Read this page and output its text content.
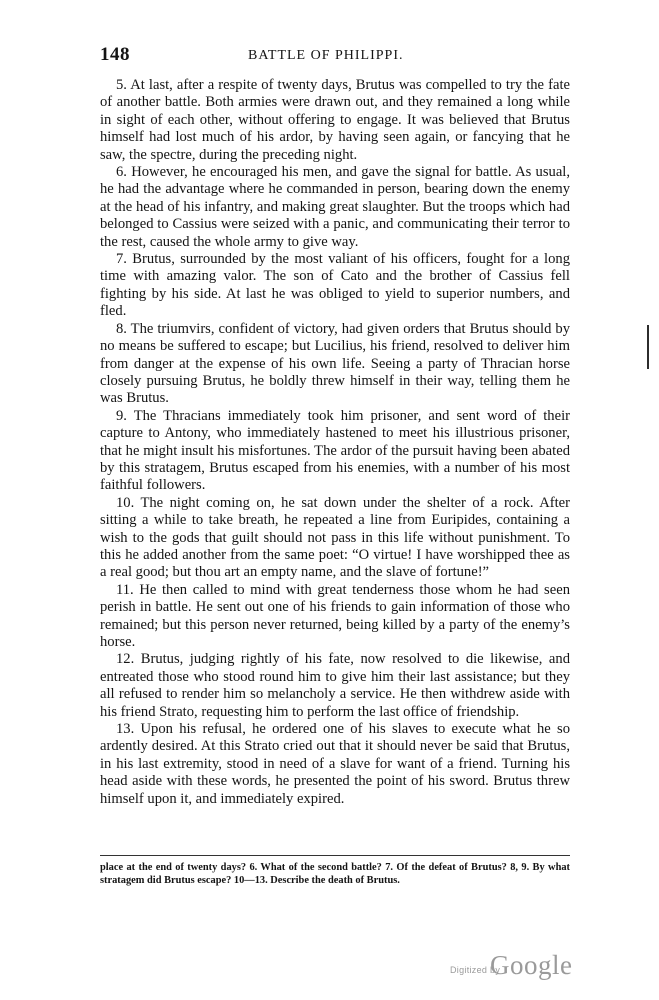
148	BATTLE OF PHILIPPI.

5. At last, after a respite of twenty days, Brutus was compelled to try the fate of another battle. Both armies were drawn out, and they remained a long while in sight of each other, without offering to engage. It was believed that Brutus himself had lost much of his ardor, by having seen again, or fancying that he saw, the spectre, during the preceding night.

6. However, he encouraged his men, and gave the signal for battle. As usual, he had the advantage where he commanded in person, bearing down the enemy at the head of his infantry, and making great slaughter. But the troops which had belonged to Cassius were seized with a panic, and communicating their terror to the rest, caused the whole army to give way.

7. Brutus, surrounded by the most valiant of his officers, fought for a long time with amazing valor. The son of Cato and the brother of Cassius fell fighting by his side. At last he was obliged to yield to superior numbers, and fled.

8. The triumvirs, confident of victory, had given orders that Brutus should by no means be suffered to escape; but Lucilius, his friend, resolved to deliver him from danger at the expense of his own life. Seeing a party of Thracian horse closely pursuing Brutus, he boldly threw himself in their way, telling them he was Brutus.

9. The Thracians immediately took him prisoner, and sent word of their capture to Antony, who immediately hastened to meet his illustrious prisoner, that he might insult his misfortunes. The ardor of the pursuit having been abated by this stratagem, Brutus escaped from his enemies, with a number of his most faithful followers.

10. The night coming on, he sat down under the shelter of a rock. After sitting a while to take breath, he repeated a line from Euripides, containing a wish to the gods that guilt should not pass in this life without punishment. To this he added another from the same poet: “O virtue! I have worshipped thee as a real good; but thou art an empty name, and the slave of fortune!”

11. He then called to mind with great tenderness those whom he had seen perish in battle. He sent out one of his friends to gain information of those who remained; but this person never returned, being killed by a party of the enemy’s horse.

12. Brutus, judging rightly of his fate, now resolved to die likewise, and entreated those who stood round him to give him their last assistance; but they all refused to render him so melancholy a service. He then withdrew aside with his friend Strato, requesting him to perform the last office of friendship.

13. Upon his refusal, he ordered one of his slaves to execute what he so ardently desired. At this Strato cried out that it should never be said that Brutus, in his last extremity, stood in need of a slave for want of a friend. Turning his head aside with these words, he presented the point of his sword. Brutus threw himself upon it, and immediately expired.

place at the end of twenty days? 6. What of the second battle? 7. Of the defeat of Brutus? 8, 9. By what stratagem did Brutus escape? 10—13. Describe the death of Brutus.
Digitized by
Google
